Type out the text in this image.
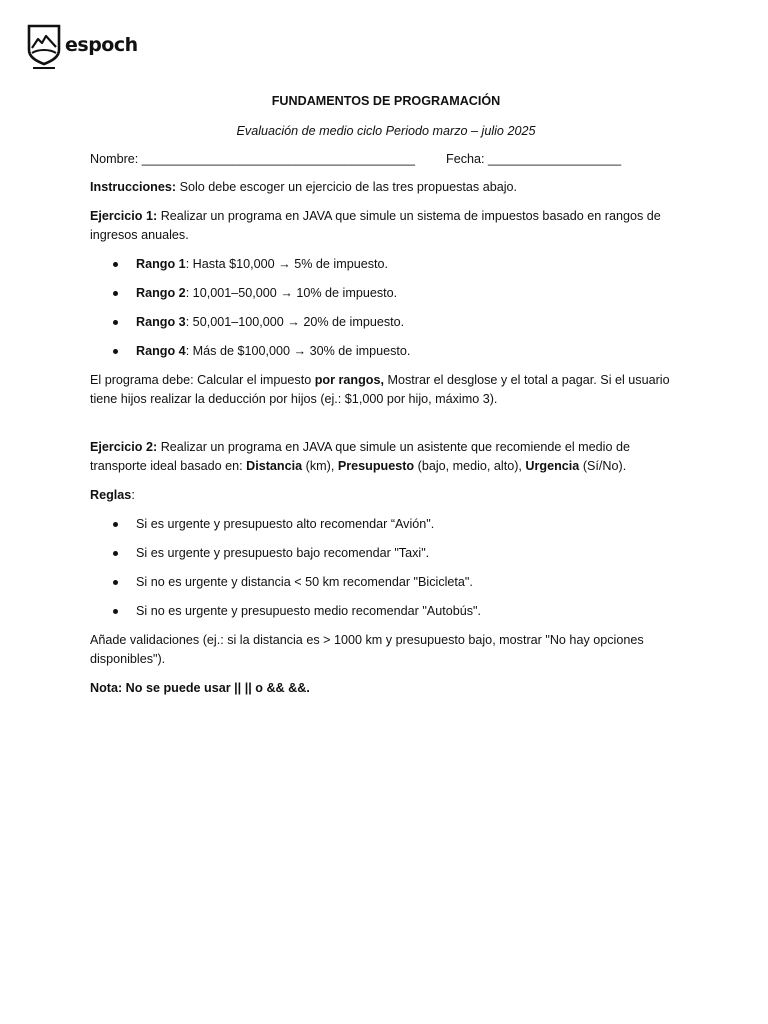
espoch
FUNDAMENTOS DE PROGRAMACIÓN

Evaluación de medio ciclo Periodo marzo – julio 2025

Nombre: _______________________________________	Fecha: ___________________

Instrucciones: Solo debe escoger un ejercicio de las tres propuestas abajo.

Ejercicio 1: Realizar un programa en JAVA que simule un sistema de impuestos basado en rangos de ingresos anuales.

Rango 1: Hasta $10,000 → 5% de impuesto.
Rango 2: 10,001–50,000 → 10% de impuesto.
Rango 3: 50,001–100,000 → 20% de impuesto.
Rango 4: Más de $100,000 → 30% de impuesto.

El programa debe: Calcular el impuesto por rangos, Mostrar el desglose y el total a pagar. Si el usuario tiene hijos realizar la deducción por hijos (ej.: $1,000 por hijo, máximo 3).

Ejercicio 2: Realizar un programa en JAVA que simule un asistente que recomiende el medio de transporte ideal basado en: Distancia (km), Presupuesto (bajo, medio, alto), Urgencia (Sí/No).

Reglas:

Si es urgente y presupuesto alto recomendar “Avión".
Si es urgente y presupuesto bajo recomendar "Taxi".
Si no es urgente y distancia < 50 km recomendar "Bicicleta".
Si no es urgente y presupuesto medio recomendar "Autobús".

Añade validaciones (ej.: si la distancia es > 1000 km y presupuesto bajo, mostrar "No hay opciones disponibles").

Nota: No se puede usar || || o && &&.
